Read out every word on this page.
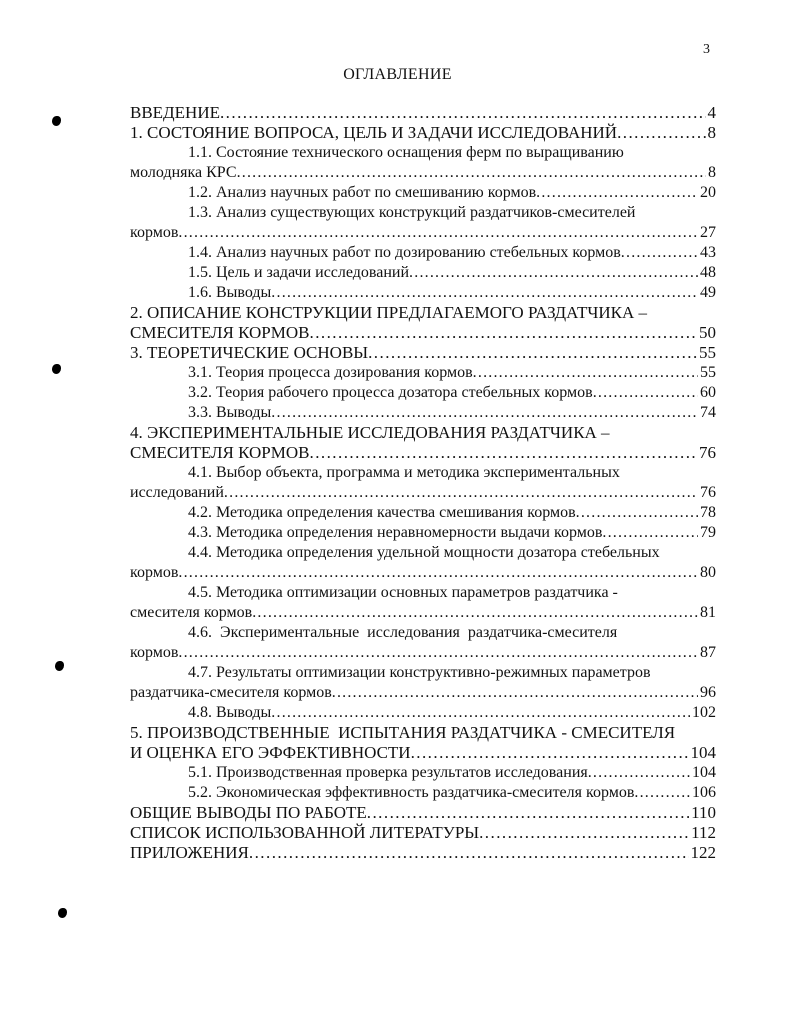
3
ОГЛАВЛЕНИЕ
ВВЕДЕНИЕ . . .	4
1. СОСТОЯНИЕ ВОПРОСА, ЦЕЛЬ И ЗАДАЧИ ИССЛЕДОВАНИЙ . . .	8
1.1. Состояние технического оснащения ферм по выращиванию
молодняка КРС . . .	8
1.2. Анализ научных работ по смешиванию кормов . . .	20
1.3. Анализ существующих конструкций раздатчиков-смесителей
кормов . . .	27
1.4. Анализ научных работ по дозированию стебельных кормов . . .	43
1.5. Цель и задачи исследований . . .	48
1.6. Выводы . . .	49
2. ОПИСАНИЕ КОНСТРУКЦИИ ПРЕДЛАГАЕМОГО РАЗДАТЧИКА –
СМЕСИТЕЛЯ КОРМОВ . . .	50
3. ТЕОРЕТИЧЕСКИЕ ОСНОВЫ . . .	55
3.1. Теория процесса дозирования кормов . . .	55
3.2. Теория рабочего процесса дозатора стебельных кормов . . .	60
3.3. Выводы . . .	74
4. ЭКСПЕРИМЕНТАЛЬНЫЕ ИССЛЕДОВАНИЯ РАЗДАТЧИКА –
СМЕСИТЕЛЯ КОРМОВ . . .	76
4.1. Выбор объекта, программа и методика экспериментальных
исследований . . .	76
4.2. Методика определения качества смешивания кормов . . .	78
4.3. Методика определения неравномерности выдачи кормов . . .	79
4.4. Методика определения удельной мощности дозатора стебельных
кормов . . .	80
4.5. Методика оптимизации основных параметров раздатчика -
смесителя кормов . . .	81
4.6.  Экспериментальные  исследования  раздатчика-смесителя
кормов . . .	87
4.7. Результаты оптимизации конструктивно-режимных параметров
раздатчика-смесителя кормов . . .	96
4.8. Выводы . . .	102
5. ПРОИЗВОДСТВЕННЫЕ  ИСПЫТАНИЯ РАЗДАТЧИКА - СМЕСИТЕЛЯ
И ОЦЕНКА ЕГО ЭФФЕКТИВНОСТИ . . .	104
5.1. Производственная проверка результатов исследования . . .	104
5.2. Экономическая эффективность раздатчика-смесителя кормов . . .	106
ОБЩИЕ ВЫВОДЫ ПО РАБОТЕ . . .	110
СПИСОК ИСПОЛЬЗОВАННОЙ ЛИТЕРАТУРЫ . . .	112
ПРИЛОЖЕНИЯ . . .	122
